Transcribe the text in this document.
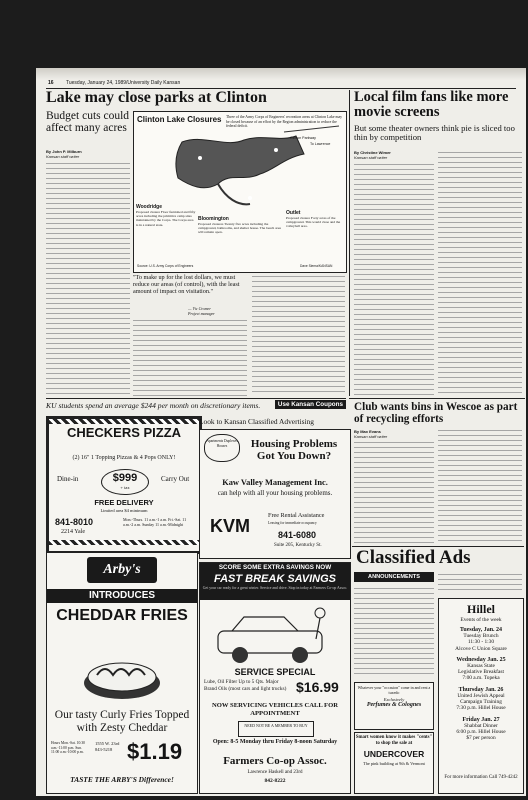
16 Tuesday, January 24, 1989/University Daily Kansan
Lake may close parks at Clinton
Budget cuts could affect many acres
By John P. Milburn
Kansan staff writer
Clinton Lake Closures Three of the Army Corps of Engineers' recreation areas at Clinton Lake may be closed because of an effort by the Region administration to reduce the federal deficit.
Clinton Parkway
To Lawrence
Woodridge
Proposed closure Floor furnished and fifty acres including the primitive camp sites maintained by the Corps. The Corps area is in a natural state.
Bloomington
Proposed closures Twenty five acres including the campground, bathrooms, and shelter house. The beach area will remain open.
Outlet
Proposed closure Forty acres of the campground. This would close and the volleyball area.
Source: U.S. Army Corps of Engineers	Dave Siema/KANSAN
"To make up for the lost dollars, we must reduce our areas (of control), with the least amount of impact on visitation."
— Vic Cromer
Project manager
Local film fans like more movie screens
But some theater owners think pie is sliced too thin by competition
By Christine Wimer
Kansan staff writer
KU students spend an average $244 per month on discretionary items.	Use Kansan Coupons Club wants bins in Wescoe as part of recycling efforts
By Max Evans
Kansan staff writer
CHECKERS PIZZA
(2) 16" 1 Topping Pizzas & 4 Pops ONLY!
$999
+ tax
Dine-in	Carry Out
FREE DELIVERY
Limited area $4 minimum
841-8010
2214 Yale
Mon.-Thurs. 11 a.m.-1 a.m. Fri.-Sat. 11 a.m.-2 a.m. Sunday 11 a.m.-Midnight
Arby's
INTRODUCES
CHEDDAR FRIES
Our tasty Curly Fries Topped with Zesty Cheddar
Hours Mon.-Sat. 10:30 a.m.-11:00 p.m. Sun. 11:00 a.m.-10:00 p.m.
1555 W. 23rd
843-5218 $1.19
TASTE THE ARBY'S Difference!
Look to Kansan Classified Advertising
Apartments Duplexes Houses	Housing Problems Got You Down?
Kaw Valley Management Inc.
can help with all your housing problems.
KVM
Free Rental Assistance
Leasing for immediate occupancy
841-6080
Suite 205, Kentucky St.
SCORE SOME EXTRA SAVINGS NOW
FAST BREAK SAVINGS
Get your car ready for a great winter. Service and drive. Stop in today at Farmers Co-op Assoc.
SERVICE SPECIAL
Lube, Oil Filter Up to 5 Qts. Major Brand Oils (most cars and light trucks) $16.99
NOW SERVICING VEHICLES CALL FOR APPOINTMENT
NEED NOT BE A MEMBER TO BUY
Open: 8-5 Monday thru Friday 8-noon Saturday
Farmers Co-op Assoc.
Lawrence Haskell and 23rd
842-8222
Classified Ads
ANNOUNCEMENTS
Whatever your "occasion" come in and rent a tuxedo
Exclusively
Perfumes & Colognes
Smart women know it makes "cents" to shop the sale at
UNDERCOVER
The pink building at 9th & Vermont
Hillel
Events of the week
Tuesday, Jan. 24
Tuesday Brunch
11:30 - 1:30
Alcove C Union Square
Wednesday Jan. 25
Kansas State
Legislative Breakfast
7:00 a.m. Topeka
Thursday Jan. 26
United Jewish Appeal
Campaign Training
7:30 p.m. Hillel House
Friday Jan. 27
Shabbat Dinner
6:00 p.m. Hillel House
$7 per person
For more information Call 749-4242
